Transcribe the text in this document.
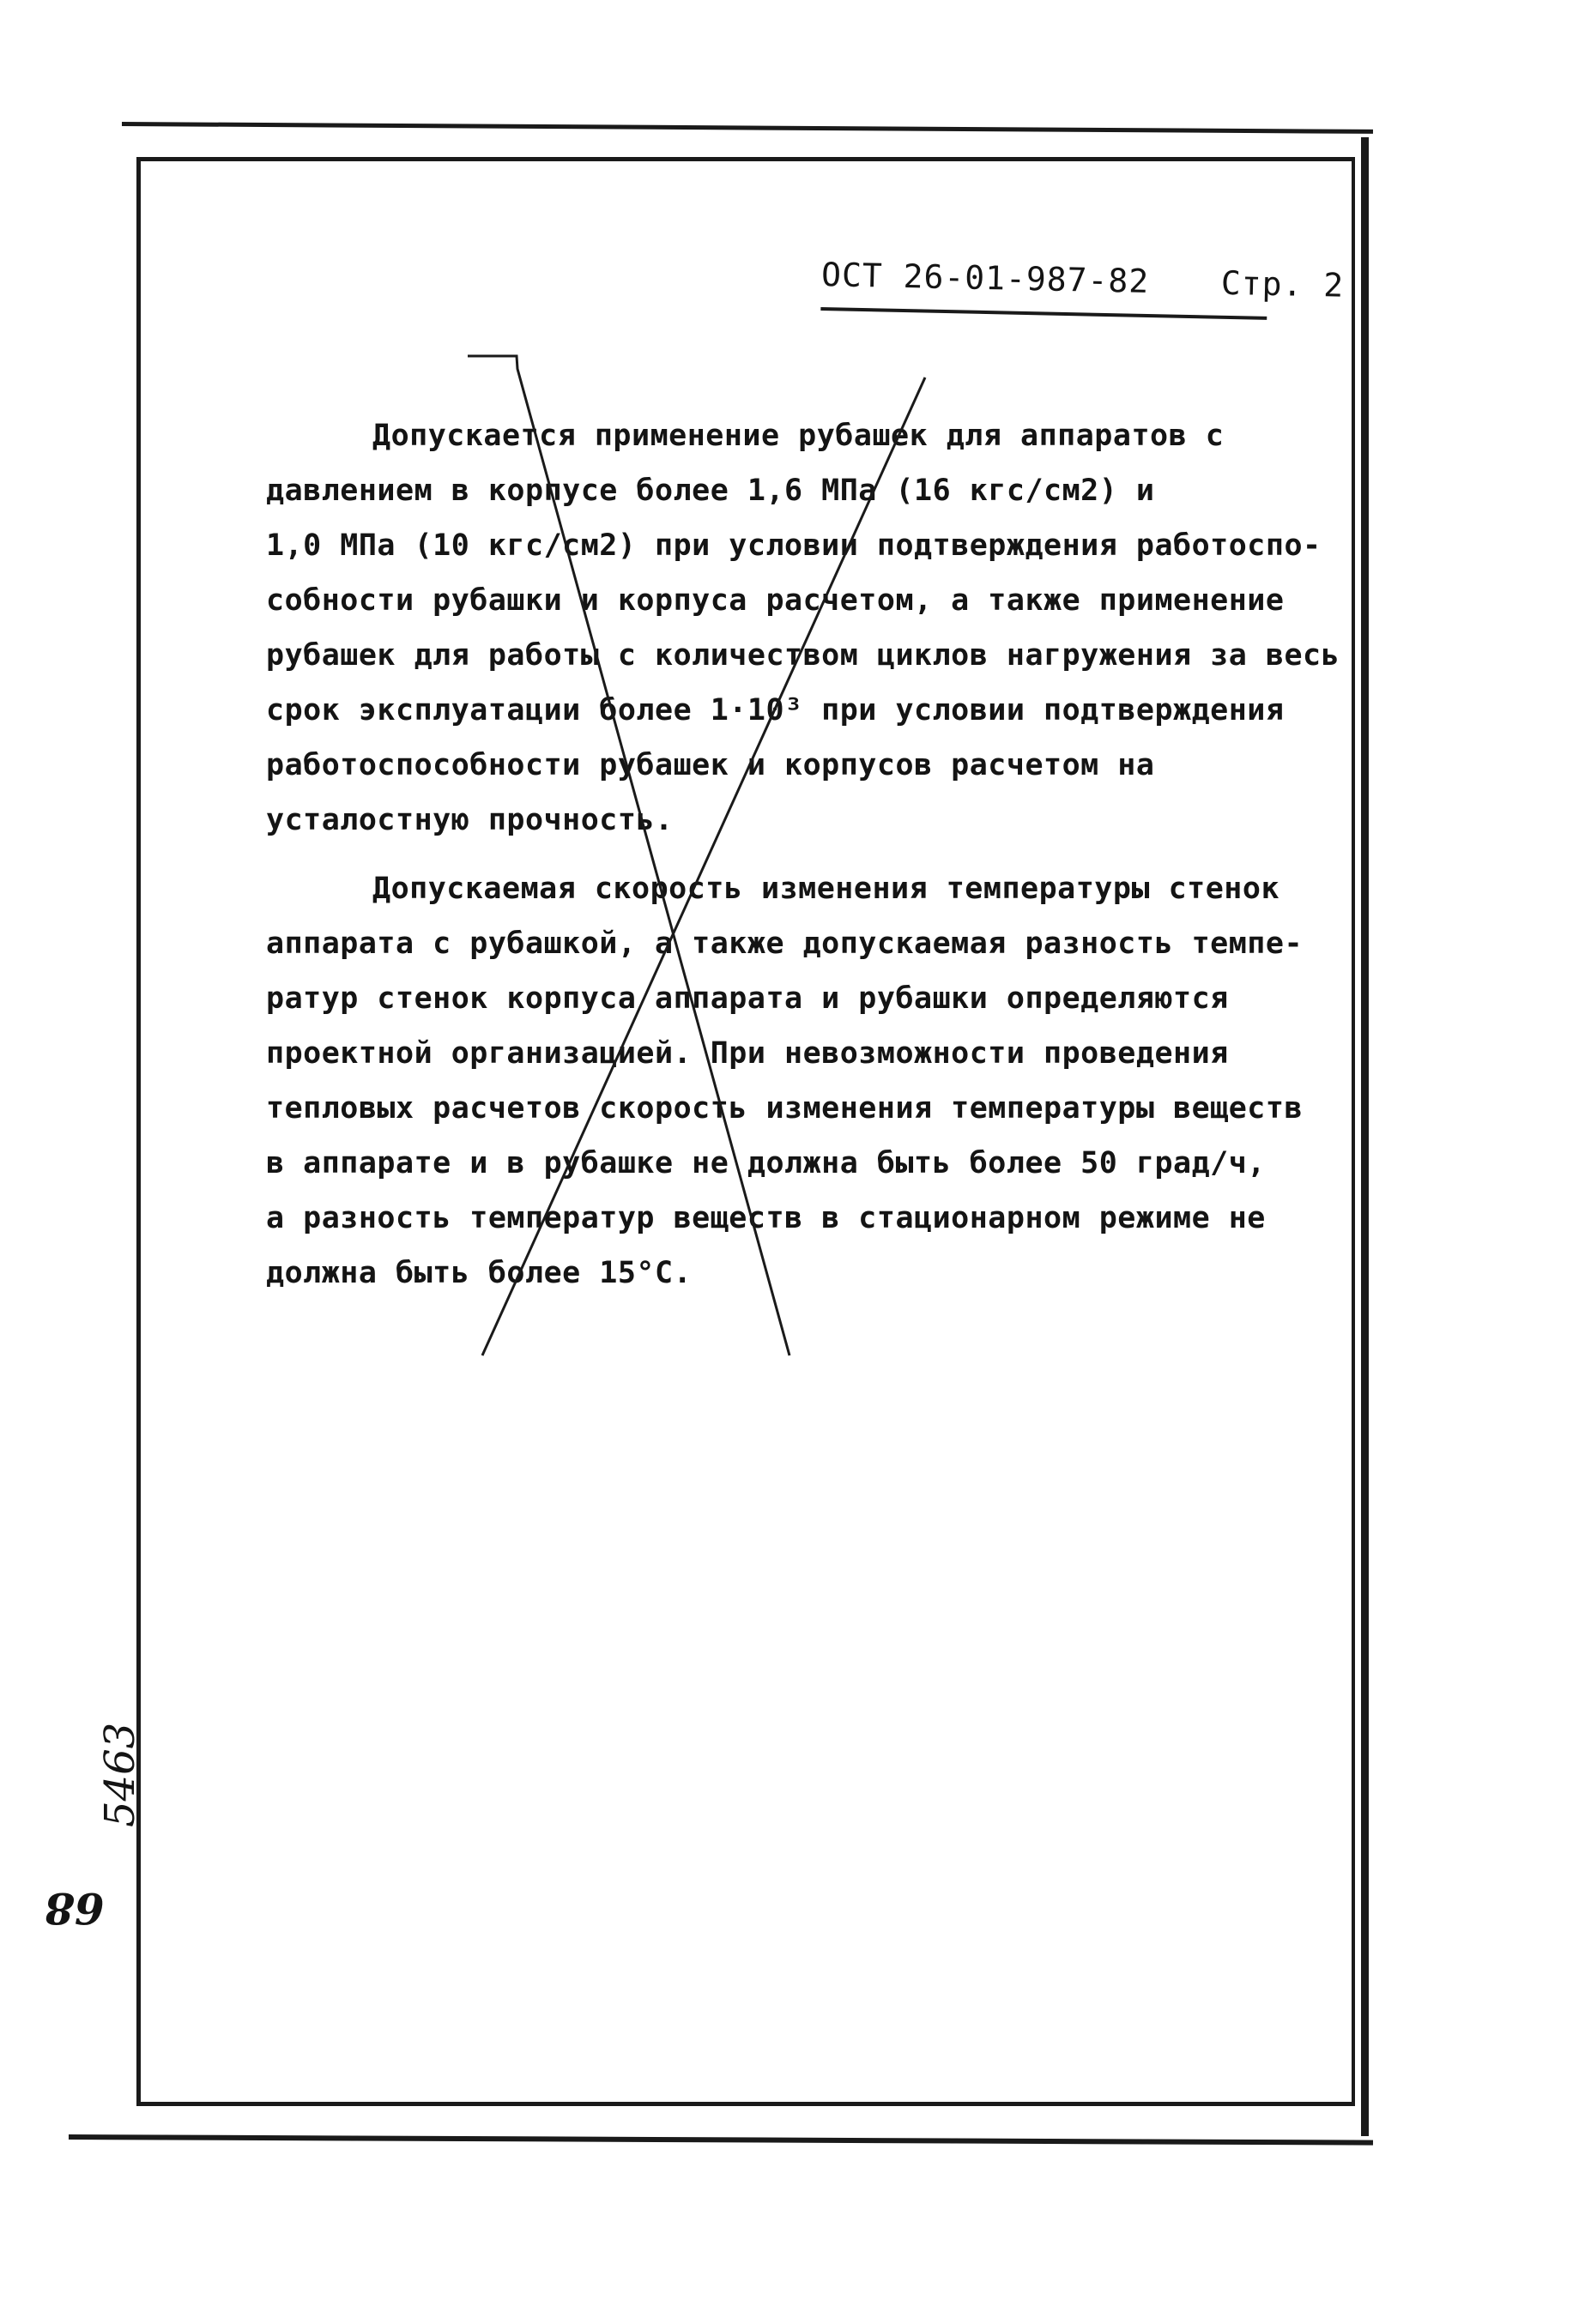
ОСТ 26-01-987-82 Стр. 2
Допускается применение рубашек для аппаратов с
давлением в корпусе более 1,6 МПа (16 кгс/см2) и
1,0 МПа (10 кгс/см2) при условии подтверждения работоспо-
собности рубашки и корпуса расчетом, а также применение
рубашек для работы с количеством циклов нагружения за весь
срок эксплуатации более 1·10³ при условии подтверждения
работоспособности рубашек и корпусов расчетом на
усталостную прочность.
Допускаемая скорость изменения температуры стенок
аппарата с рубашкой, а также допускаемая разность темпе-
ратур стенок корпуса аппарата и рубашки определяются
проектной организацией. При невозможности проведения
тепловых расчетов скорость изменения температуры веществ
в аппарате и в рубашке не должна быть более 50 град/ч,
а разность температур веществ в стационарном режиме не
должна быть более 15°С.
5463
68
